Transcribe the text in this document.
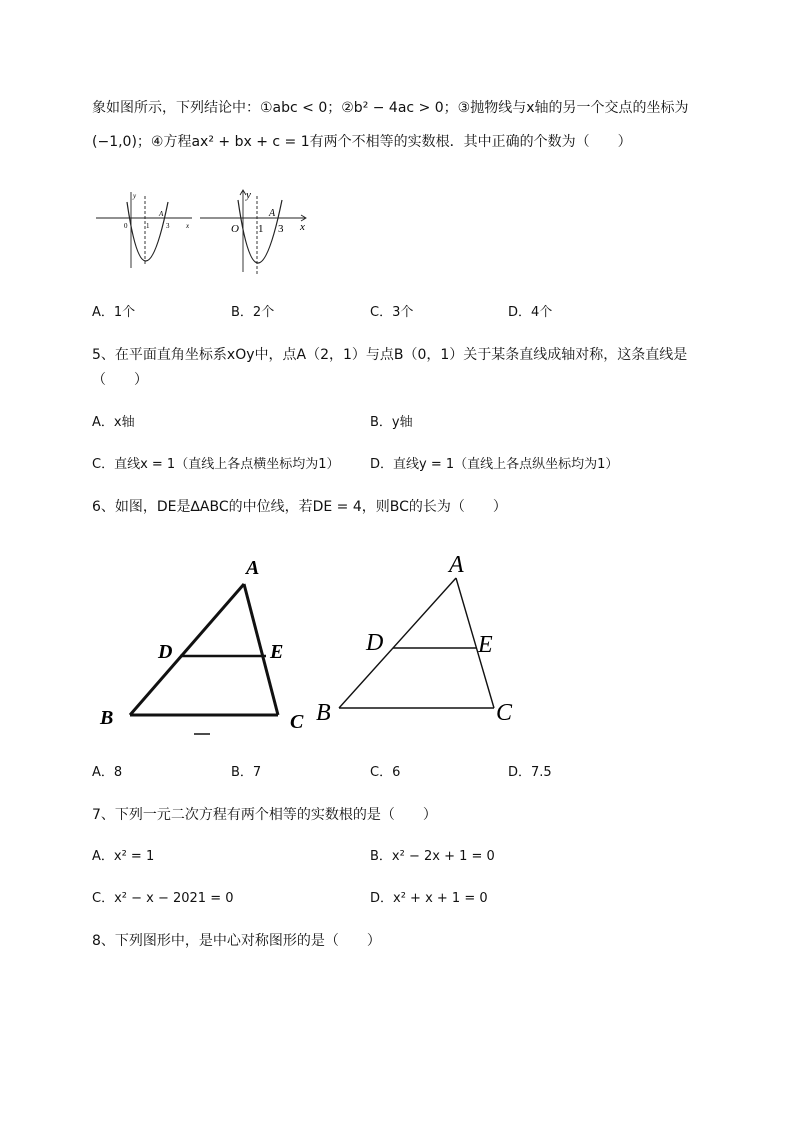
象如图所示，下列结论中：①abc < 0；②b² − 4ac > 0；③抛物线与x轴的另一个交点的坐标为
(−1,0)；④方程ax² + bx + c = 1有两个不相等的实数根．其中正确的个数为（　　）
0	1
A
3 x
y
O 1
A
3 x
y
A．1个	B．2个	C．3个	D．4个
5、在平面直角坐标系xOy中，点A（2，1）与点B（0，1）关于某条直线成轴对称，这条直线是
（　　）
A．x轴	B．y轴
C．直线x = 1（直线上各点横坐标均为1） D．直线y = 1（直线上各点纵坐标均为1）
6、如图，DE是∆ABC的中位线，若DE = 4，则BC的长为（　　）
A
D	E
B	C
A
D	E
B	C
A．8	B．7	C．6	D．7.5
7、下列一元二次方程有两个相等的实数根的是（　　）
A．x² = 1	B．x² − 2x + 1 = 0
C．x² − x − 2021 = 0	D．x² + x + 1 = 0
8、下列图形中，是中心对称图形的是（　　）
